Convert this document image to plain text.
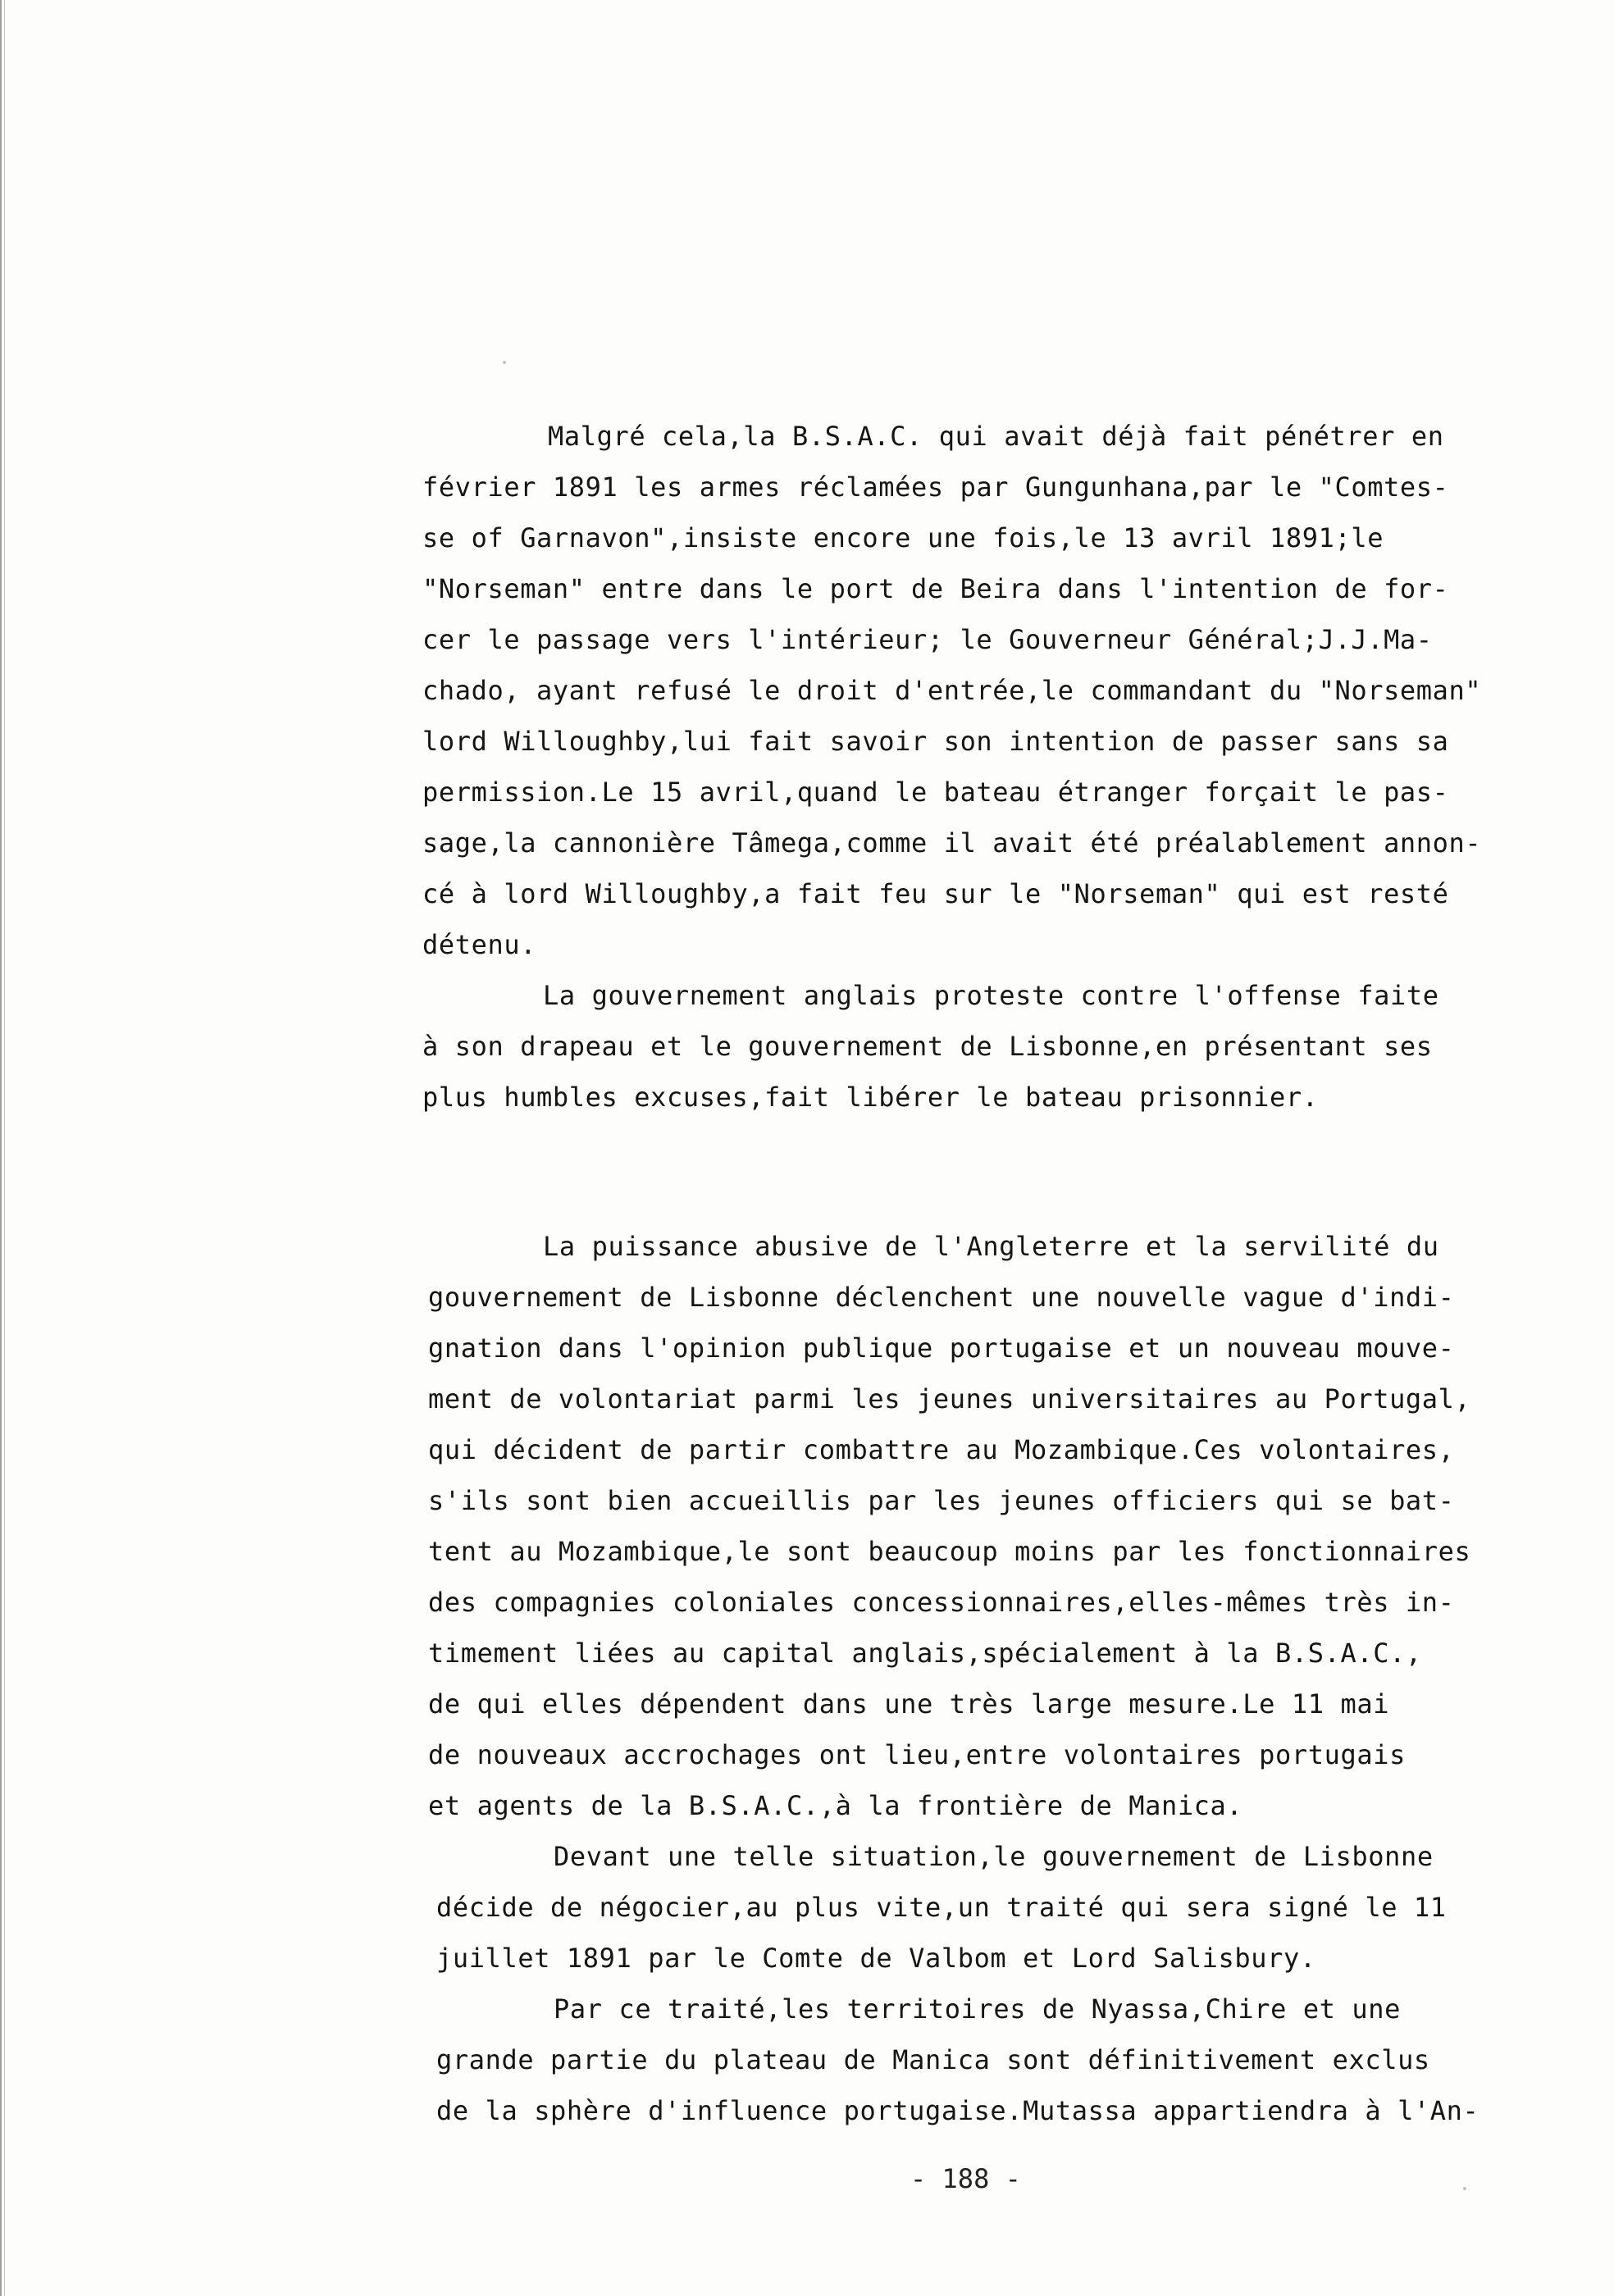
Malgré cela,la B.S.A.C. qui avait déjà fait pénétrer en
février 1891 les armes réclamées par Gungunhana,par le "Comtes-
se of Garnavon",insiste encore une fois,le 13 avril 1891;le
"Norseman" entre dans le port de Beira dans l'intention de for-
cer le passage vers l'intérieur; le Gouverneur Général;J.J.Ma-
chado, ayant refusé le droit d'entrée,le commandant du "Norseman"
lord Willoughby,lui fait savoir son intention de passer sans sa
permission.Le 15 avril,quand le bateau étranger forçait le pas-
sage,la cannonière Tâmega,comme il avait été préalablement annon-
cé à lord Willoughby,a fait feu sur le "Norseman" qui est resté
détenu.
La gouvernement anglais proteste contre l'offense faite
à son drapeau et le gouvernement de Lisbonne,en présentant ses
plus humbles excuses,fait libérer le bateau prisonnier.
La puissance abusive de l'Angleterre et la servilité du
gouvernement de Lisbonne déclenchent une nouvelle vague d'indi-
gnation dans l'opinion publique portugaise et un nouveau mouve-
ment de volontariat parmi les jeunes universitaires au Portugal,
qui décident de partir combattre au Mozambique.Ces volontaires,
s'ils sont bien accueillis par les jeunes officiers qui se bat-
tent au Mozambique,le sont beaucoup moins par les fonctionnaires
des compagnies coloniales concessionnaires,elles-mêmes très in-
timement liées au capital anglais,spécialement à la B.S.A.C.,
de qui elles dépendent dans une très large mesure.Le 11 mai
de nouveaux accrochages ont lieu,entre volontaires portugais
et agents de la B.S.A.C.,à la frontière de Manica.
Devant une telle situation,le gouvernement de Lisbonne
décide de négocier,au plus vite,un traité qui sera signé le 11
juillet 1891 par le Comte de Valbom et Lord Salisbury.
Par ce traité,les territoires de Nyassa,Chire et une
grande partie du plateau de Manica sont définitivement exclus
de la sphère d'influence portugaise.Mutassa appartiendra à l'An-
- 188 -
